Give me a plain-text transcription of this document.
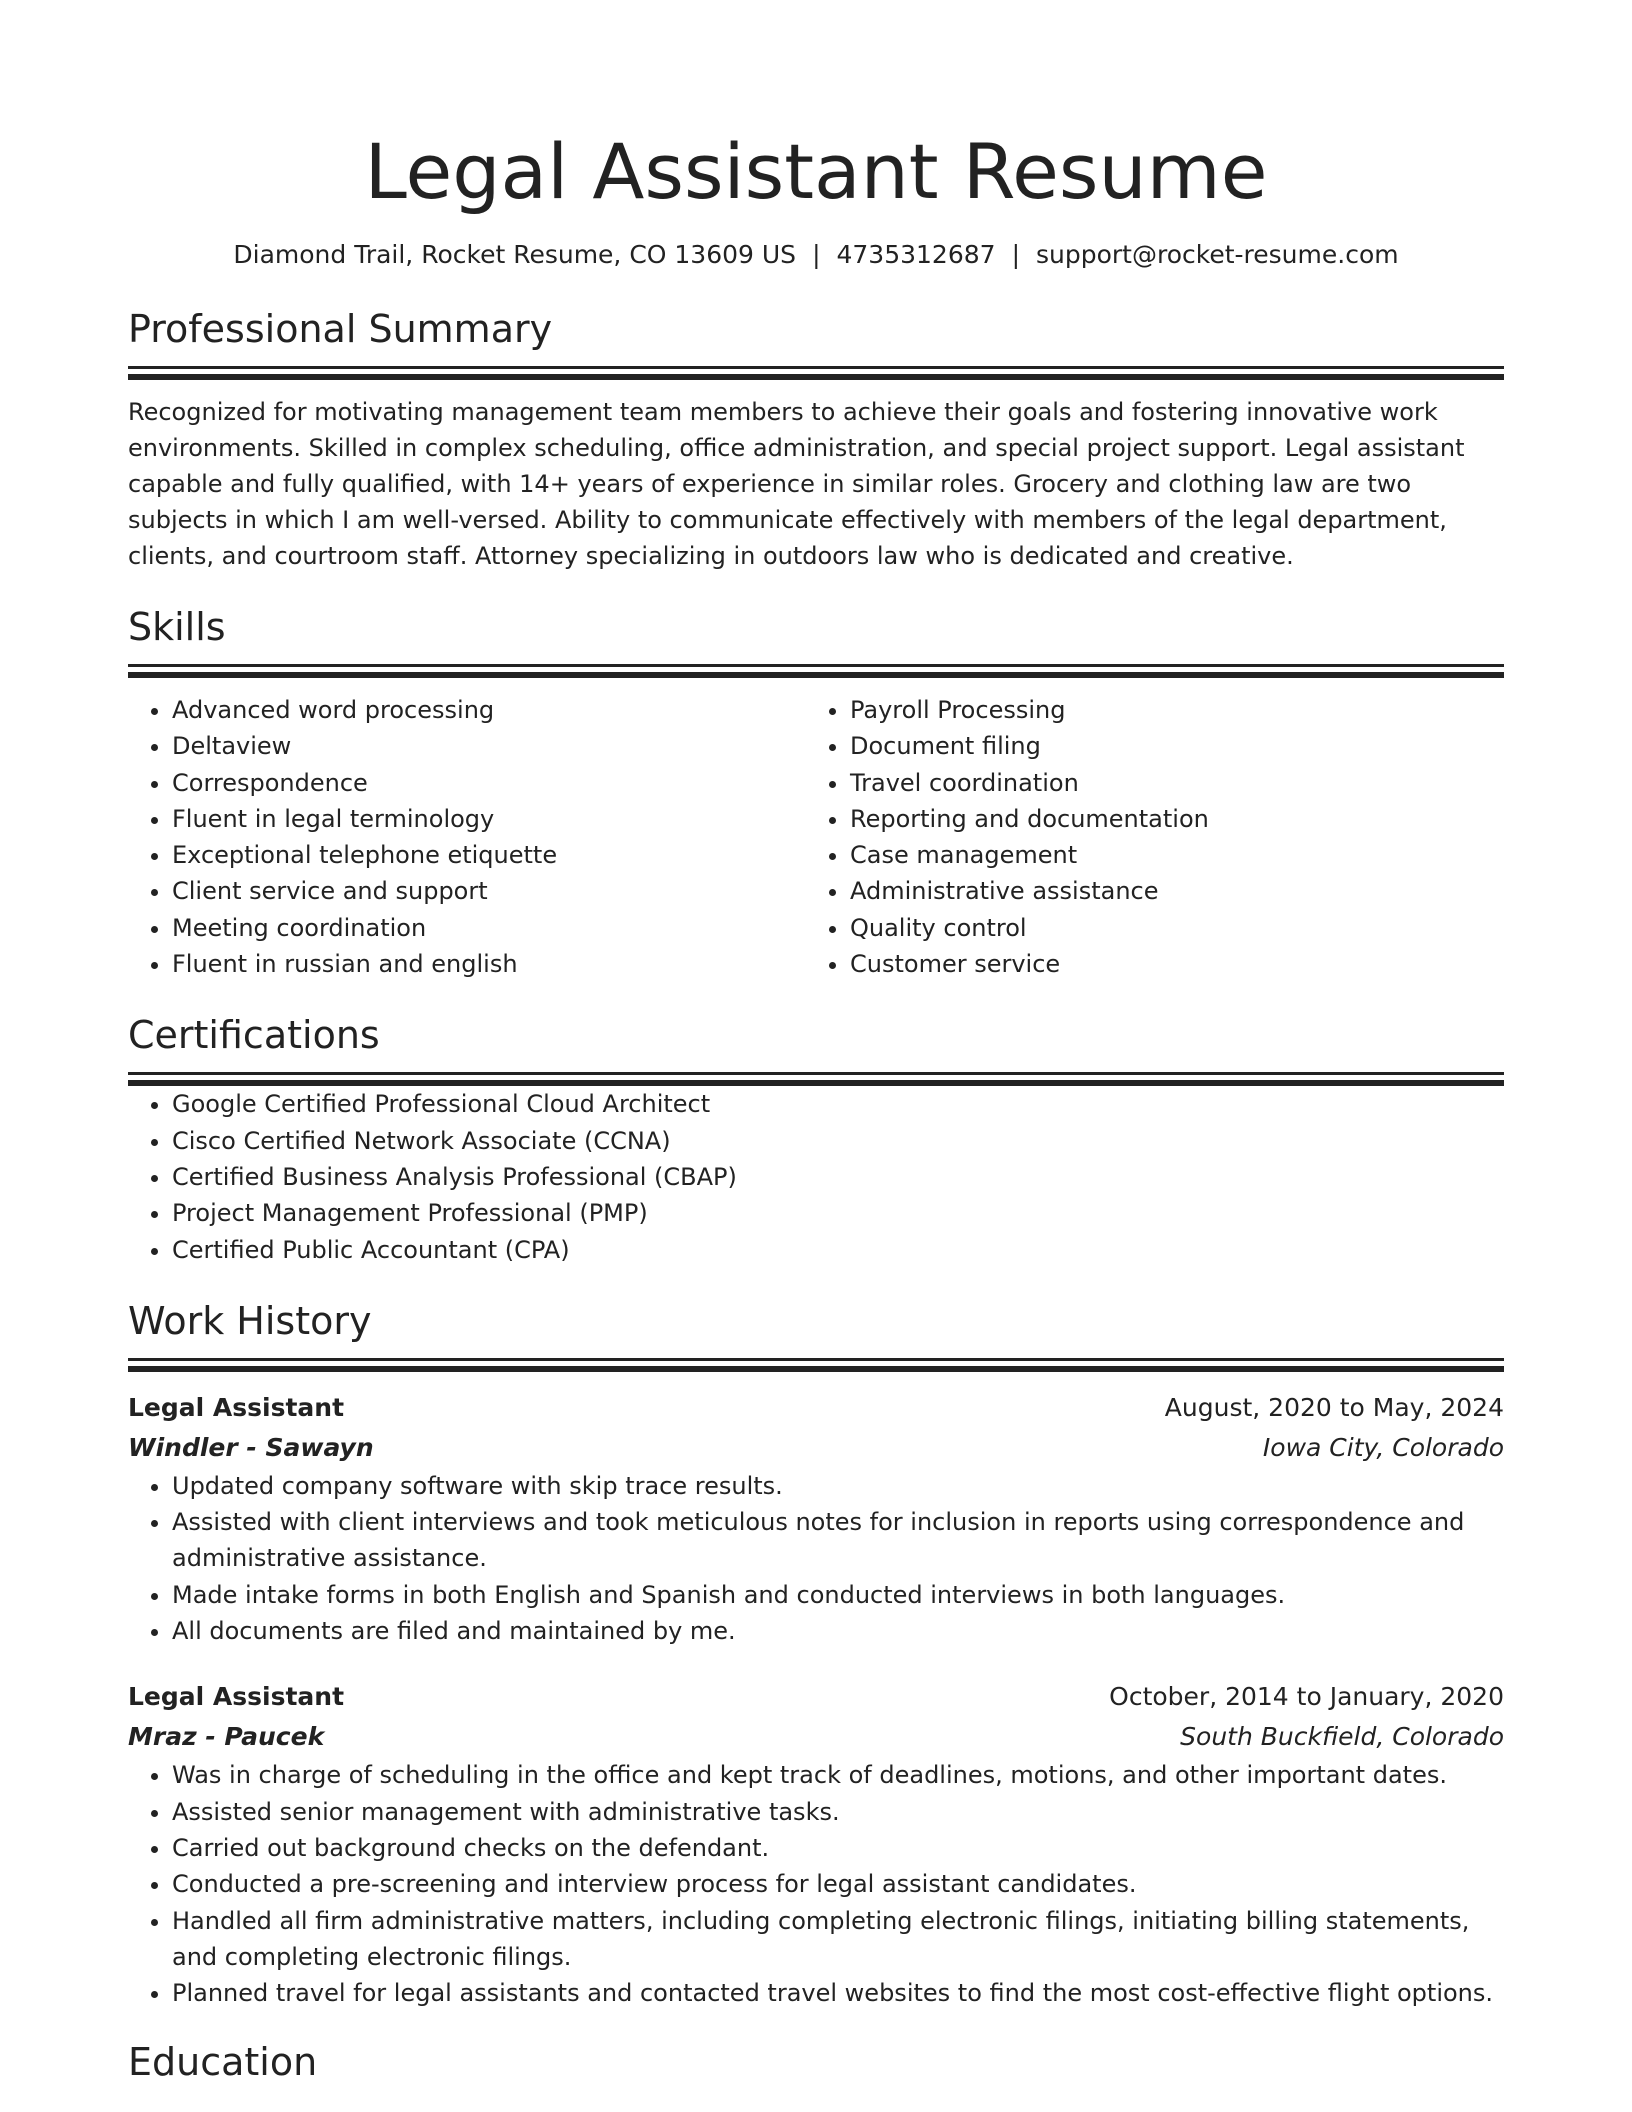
Legal Assistant Resume
Diamond Trail, Rocket Resume, CO 13609 US | 4735312687 | support@rocket-resume.com
Professional Summary

Recognized for motivating management team members to achieve their goals and fostering innovative work environments. Skilled in complex scheduling, office administration, and special project support. Legal assistant capable and fully qualified, with 14+ years of experience in similar roles. Grocery and clothing law are two subjects in which I am well-versed. Ability to communicate effectively with members of the legal department, clients, and courtroom staff. Attorney specializing in outdoors law who is dedicated and creative.

Skills
• Advanced word processing
• Deltaview
• Correspondence
• Fluent in legal terminology
• Exceptional telephone etiquette
• Client service and support
• Meeting coordination
• Fluent in russian and english
• Payroll Processing
• Document filing
• Travel coordination
• Reporting and documentation
• Case management
• Administrative assistance
• Quality control
• Customer service
Certifications
• Google Certified Professional Cloud Architect
• Cisco Certified Network Associate (CCNA)
• Certified Business Analysis Professional (CBAP)
• Project Management Professional (PMP)
• Certified Public Accountant (CPA)
Work History
Legal Assistant	August, 2020 to May, 2024
Windler - Sawayn	Iowa City, Colorado
• Updated company software with skip trace results.
• Assisted with client interviews and took meticulous notes for inclusion in reports using correspondence and administrative assistance.
• Made intake forms in both English and Spanish and conducted interviews in both languages.
• All documents are filed and maintained by me.
Legal Assistant	October, 2014 to January, 2020
Mraz - Paucek	South Buckfield, Colorado
• Was in charge of scheduling in the office and kept track of deadlines, motions, and other important dates.
• Assisted senior management with administrative tasks.
• Carried out background checks on the defendant.
• Conducted a pre-screening and interview process for legal assistant candidates.
• Handled all firm administrative matters, including completing electronic filings, initiating billing statements, and completing electronic filings.
• Planned travel for legal assistants and contacted travel websites to find the most cost-effective flight options.
Education
